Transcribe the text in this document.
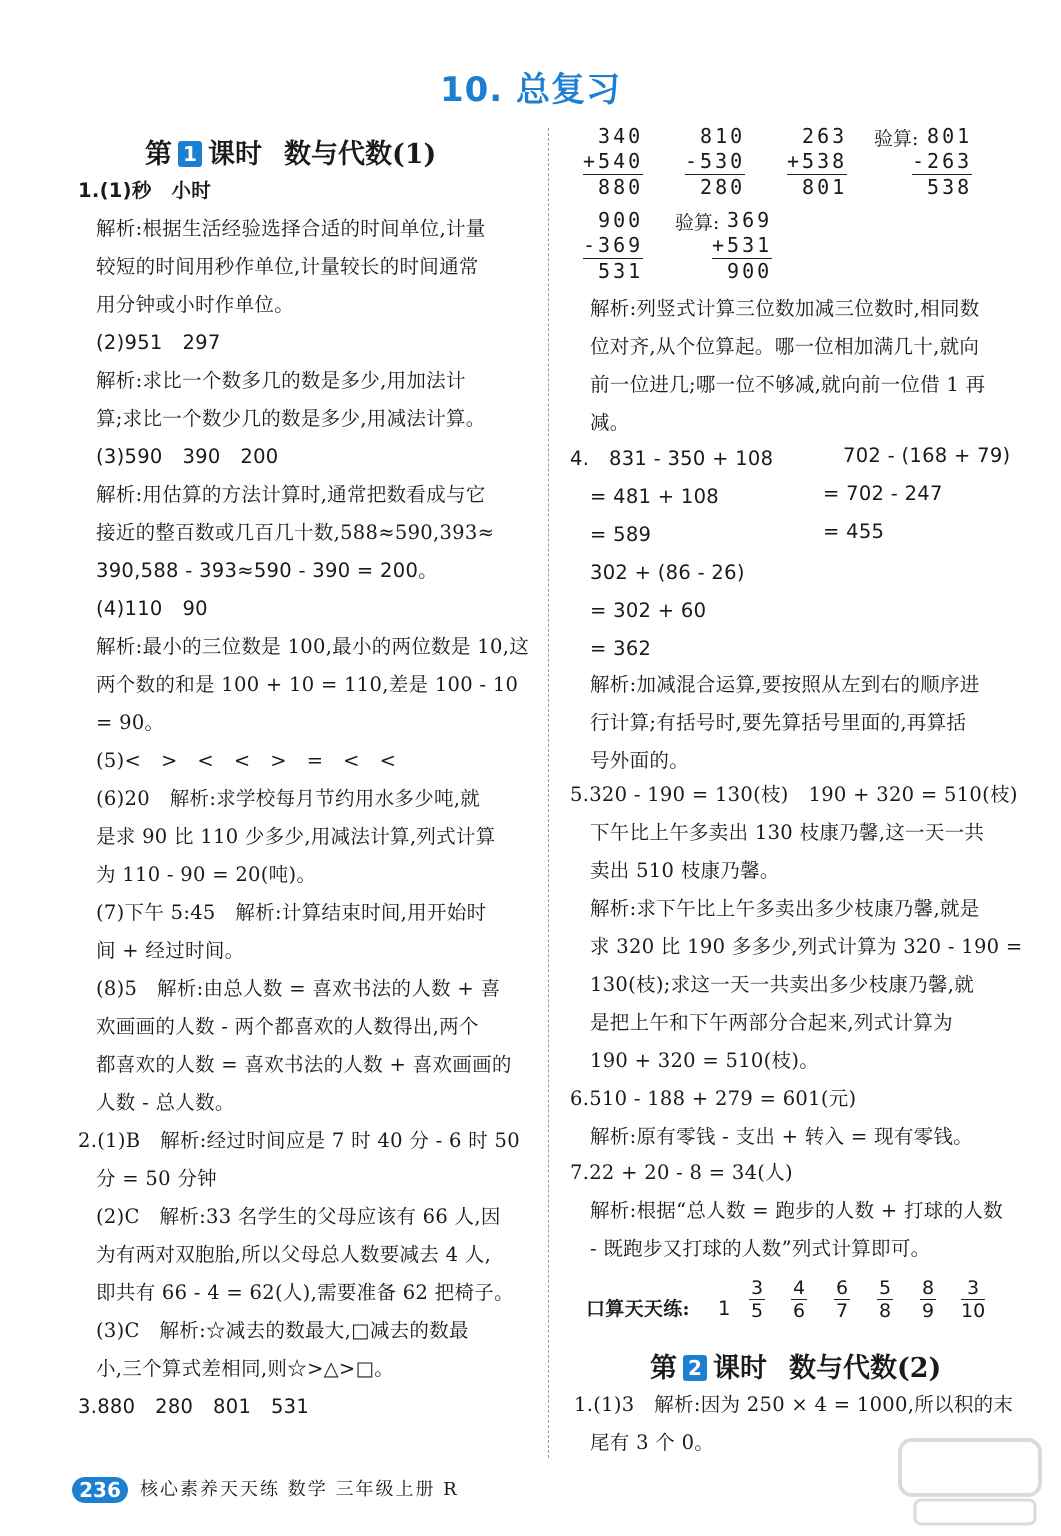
10. 总复习
第 1 课时 数与代数(1)
1.(1)秒　小时
解析:根据生活经验选择合适的时间单位,计量
较短的时间用秒作单位,计量较长的时间通常
用分钟或小时作单位。
(2)951　297
解析:求比一个数多几的数是多少,用加法计
算;求比一个数少几的数是多少,用减法计算。
(3)590　390　200
解析:用估算的方法计算时,通常把数看成与它
接近的整百数或几百几十数,588≈590,393≈
390,588 - 393≈590 - 390 = 200。
(4)110　90
解析:最小的三位数是 100,最小的两位数是 10,这
两个数的和是 100 + 10 = 110,差是 100 - 10
= 90。
(5)<　>　<　<　>　=　<　<
(6)20　解析:求学校每月节约用水多少吨,就
是求 90 比 110 少多少,用减法计算,列式计算
为 110 - 90 = 20(吨)。
(7)下午 5:45　解析:计算结束时间,用开始时
间 + 经过时间。
(8)5　解析:由总人数 = 喜欢书法的人数 + 喜
欢画画的人数 - 两个都喜欢的人数得出,两个
都喜欢的人数 = 喜欢书法的人数 + 喜欢画画的
人数 - 总人数。
2.(1)B　解析:经过时间应是 7 时 40 分 - 6 时 50
分 = 50 分钟
(2)C　解析:33 名学生的父母应该有 66 人,因
为有两对双胞胎,所以父母总人数要减去 4 人,
即共有 66 - 4 = 62(人),需要准备 62 把椅子。
(3)C　解析:☆减去的数最大,□减去的数最
小,三个算式差相同,则☆>△>□。
3.880　280　801　531
340
+540
880
810
-530
280
263
+538
801
验算: 801
-263
538
900
-369
531
验算: 369
+531
900
解析:列竖式计算三位数加减三位数时,相同数
位对齐,从个位算起。哪一位相加满几十,就向
前一位进几;哪一位不够减,就向前一位借 1 再
减。
4.　831 - 350 + 108
= 481 + 108
= 589
302 + (86 - 26)
= 302 + 60
= 362
702 - (168 + 79)
= 702 - 247
= 455
解析:加减混合运算,要按照从左到右的顺序进
行计算;有括号时,要先算括号里面的,再算括
号外面的。
5.320 - 190 = 130(枝)　190 + 320 = 510(枝)
下午比上午多卖出 130 枝康乃馨,这一天一共
卖出 510 枝康乃馨。
解析:求下午比上午多卖出多少枝康乃馨,就是
求 320 比 190 多多少,列式计算为 320 - 190 =
130(枝);求这一天一共卖出多少枝康乃馨,就
是把上午和下午两部分合起来,列式计算为
190 + 320 = 510(枝)。
6.510 - 188 + 279 = 601(元)
解析:原有零钱 - 支出 + 转入 = 现有零钱。
7.22 + 20 - 8 = 34(人)
解析:根据“总人数 = 跑步的人数 + 打球的人数
- 既跑步又打球的人数”列式计算即可。
口算天天练: $1 \frac{3}{5} \frac{4}{6} \frac{6}{7} \frac{5}{8} \frac{8}{9} \frac{3}{10}$
第 2 课时 数与代数(2)
1.(1)3　解析:因为 250 × 4 = 1000,所以积的末
尾有 3 个 0。
236	核心素养天天练 数学 三年级上册 R
